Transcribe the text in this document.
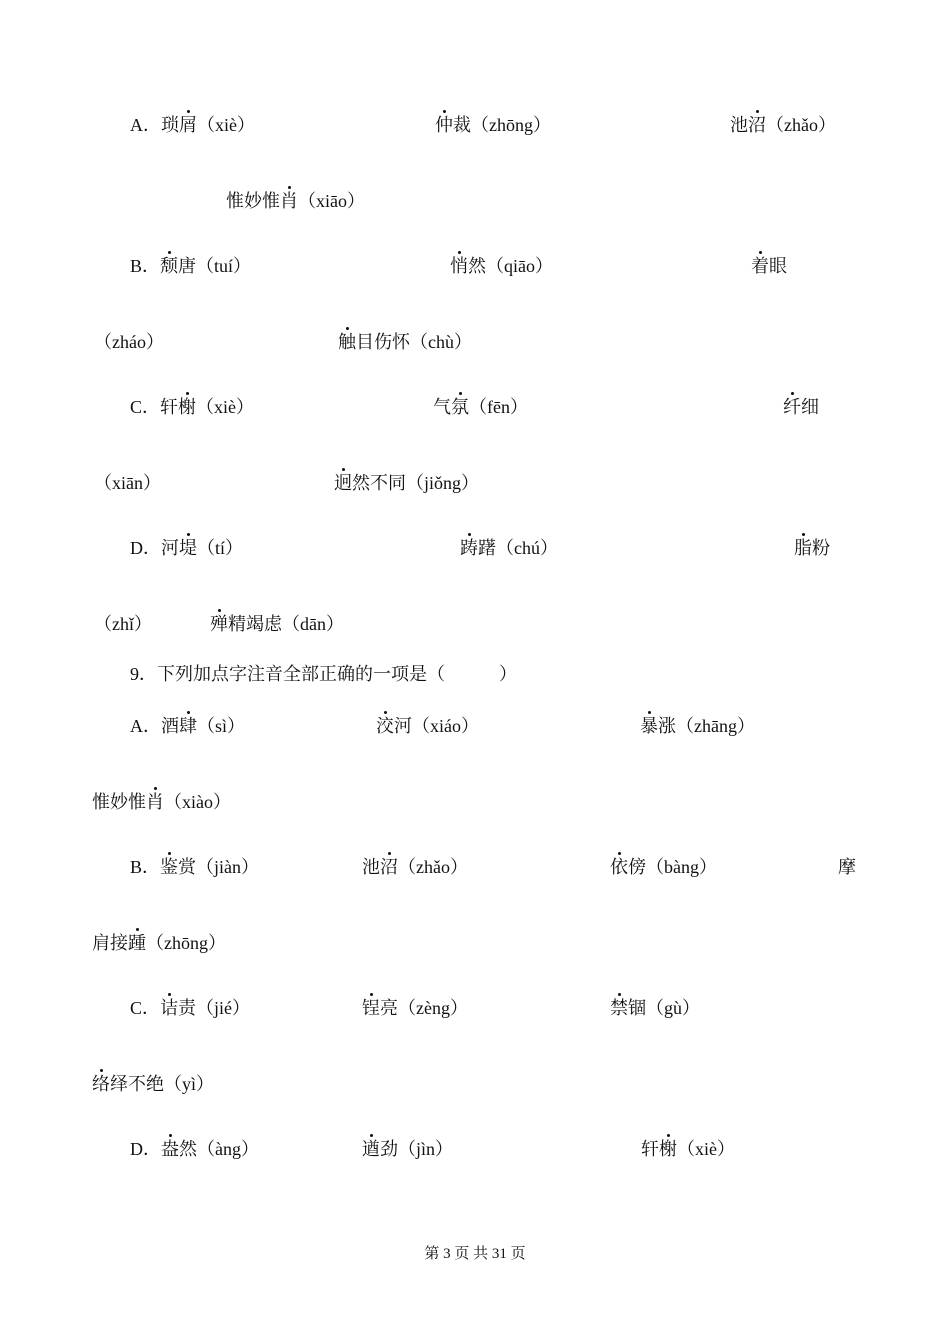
A．琐屑（xiè）	仲裁（zhōng）	池沼（zhǎo）
惟妙惟肖（xiāo）
B．颓唐（tuí）	悄然（qiāo）	着眼
（zháo）	触目伤怀（chù）
C．轩榭（xiè）	气氛（fēn）	纤细
（xiān）	迥然不同（jiǒng）
D．河堤（tí）	踌躇（chú）	脂粉
（zhǐ）	殚精竭虑（dān）
9．下列加点字注音全部正确的一项是（　　　）
A．酒肆（sì）	洨河（xiáo）	暴涨（zhāng）
惟妙惟肖（xiào）
B．鉴赏（jiàn）	池沼（zhǎo）	依傍（bàng）	摩
肩接踵（zhōng）
C．诘责（jié）	锃亮（zèng）	禁锢（gù）
络绎不绝（yì）
D．盎然（àng）	遒劲（jìn）	轩榭（xiè）
第 3 页 共 31 页
